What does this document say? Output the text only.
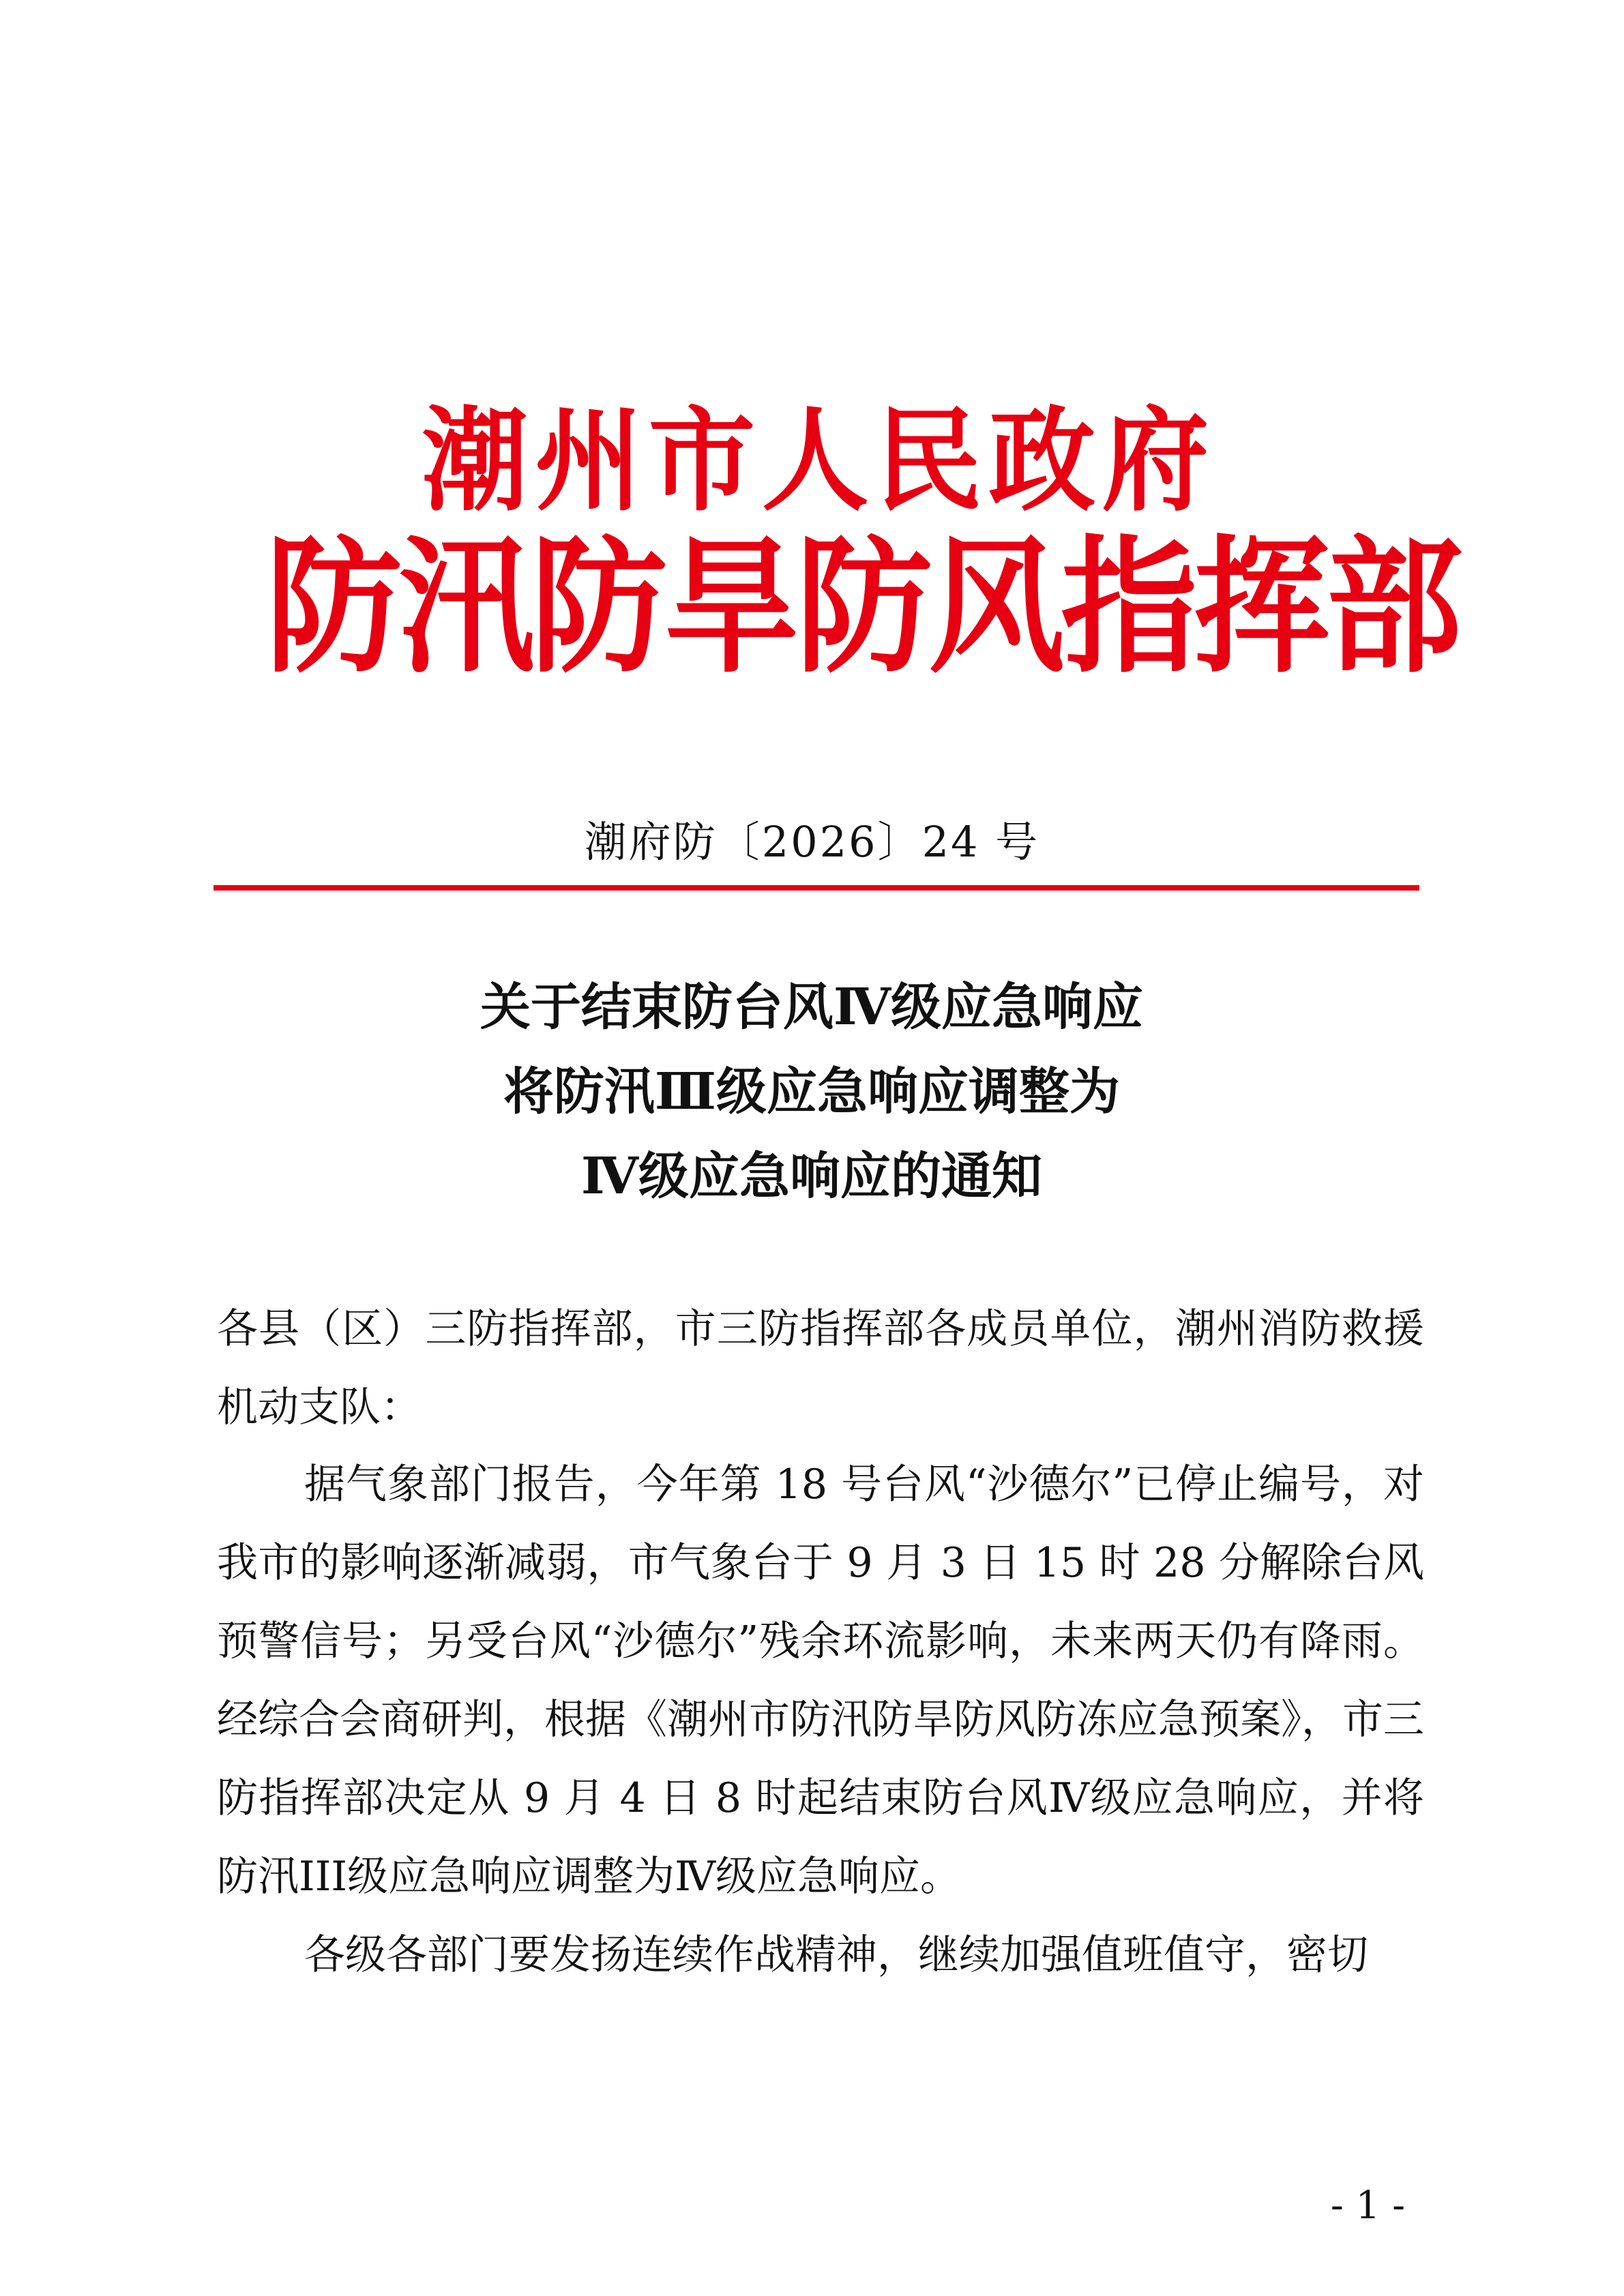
潮州市人民政府
防汛防旱防风指挥部
潮府防〔2026〕24 号
关于结束防台风Ⅳ级应急响应
将防汛Ⅲ级应急响应调整为
Ⅳ级应急响应的通知
各县（区）三防指挥部，市三防指挥部各成员单位，潮州消防救援机动支队：
据气象部门报告，今年第 18 号台风“沙德尔”已停止编号，对我市的影响逐渐减弱，市气象台于 9 月 3 日 15 时 28 分解除台风预警信号；另受台风“沙德尔”残余环流影响，未来两天仍有降雨。经综合会商研判，根据《潮州市防汛防旱防风防冻应急预案》，市三防指挥部决定从 9 月 4 日 8 时起结束防台风Ⅳ级应急响应，并将防汛III级应急响应调整为Ⅳ级应急响应。
各级各部门要发扬连续作战精神，继续加强值班值守，密切
- 1 -
